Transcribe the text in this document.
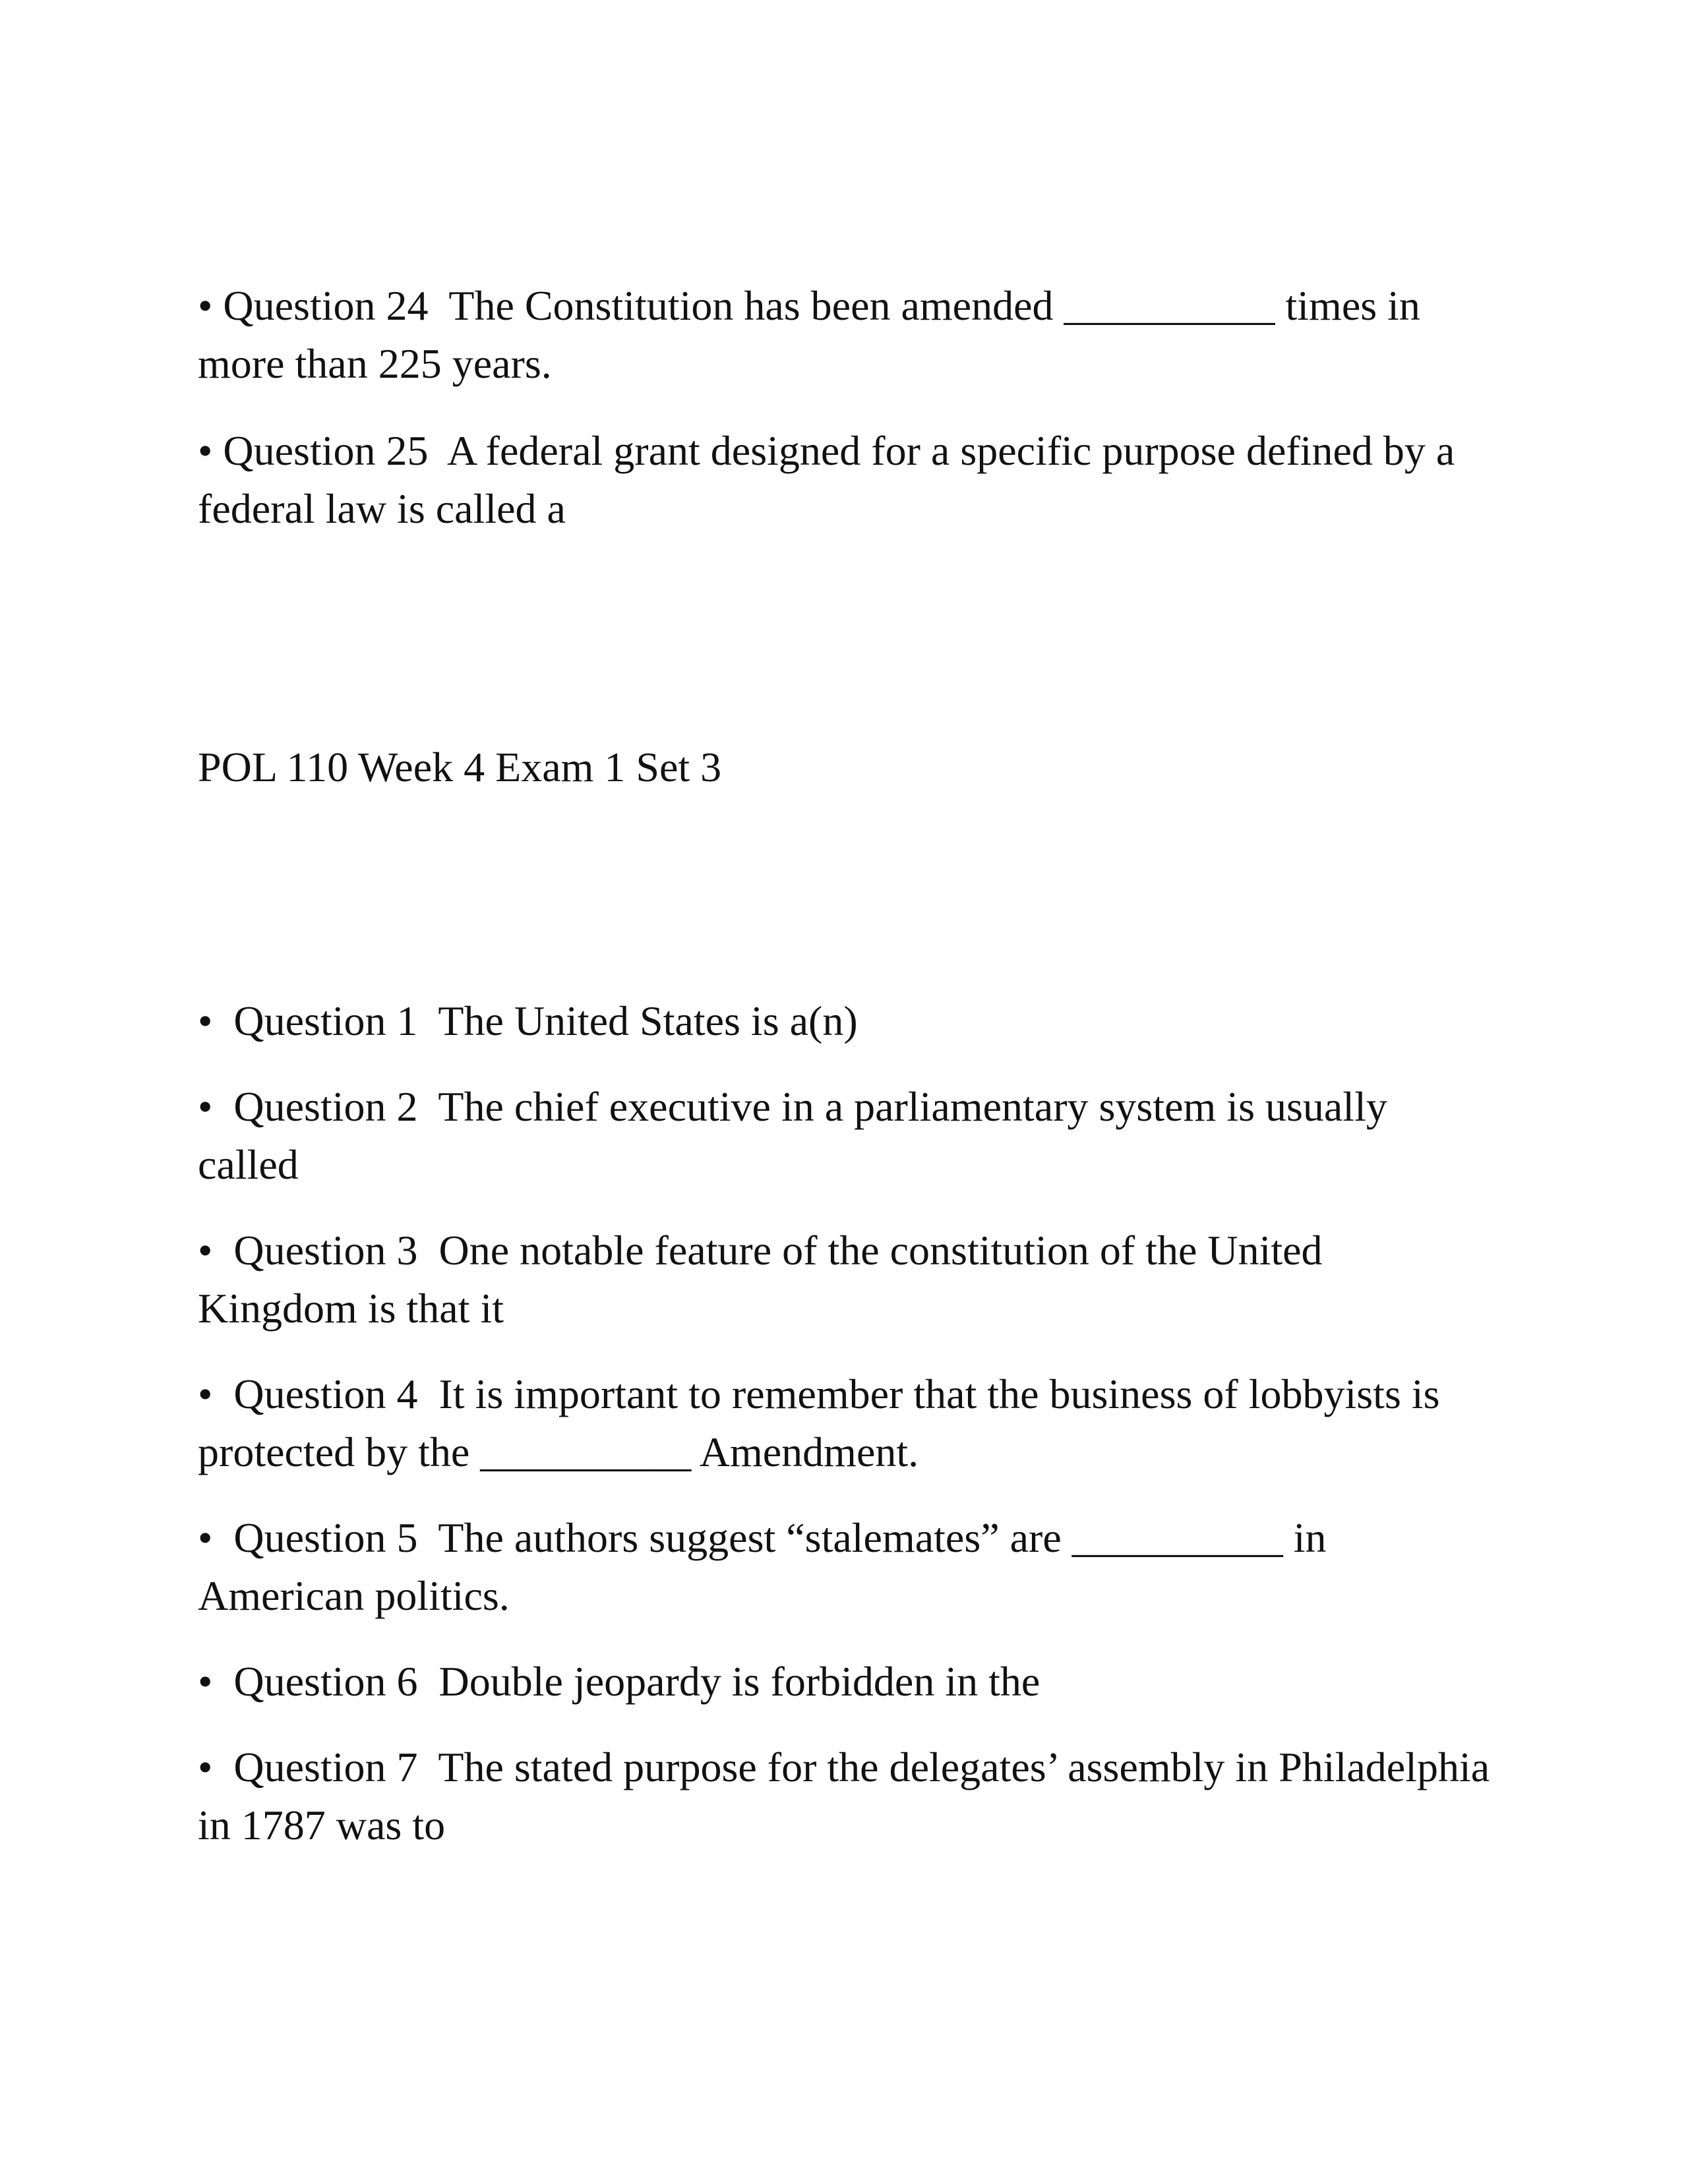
• Question 24  The Constitution has been amended __________ times in more than 225 years.

• Question 25  A federal grant designed for a specific purpose defined by a federal law is called a

POL 110 Week 4 Exam 1 Set 3

•  Question 1  The United States is a(n)

•  Question 2  The chief executive in a parliamentary system is usually called

•  Question 3  One notable feature of the constitution of the United Kingdom is that it

•  Question 4  It is important to remember that the business of lobbyists is protected by the __________ Amendment.

•  Question 5  The authors suggest “stalemates” are __________ in American politics.

•  Question 6  Double jeopardy is forbidden in the

•  Question 7  The stated purpose for the delegates’ assembly in Philadelphia in 1787 was to
